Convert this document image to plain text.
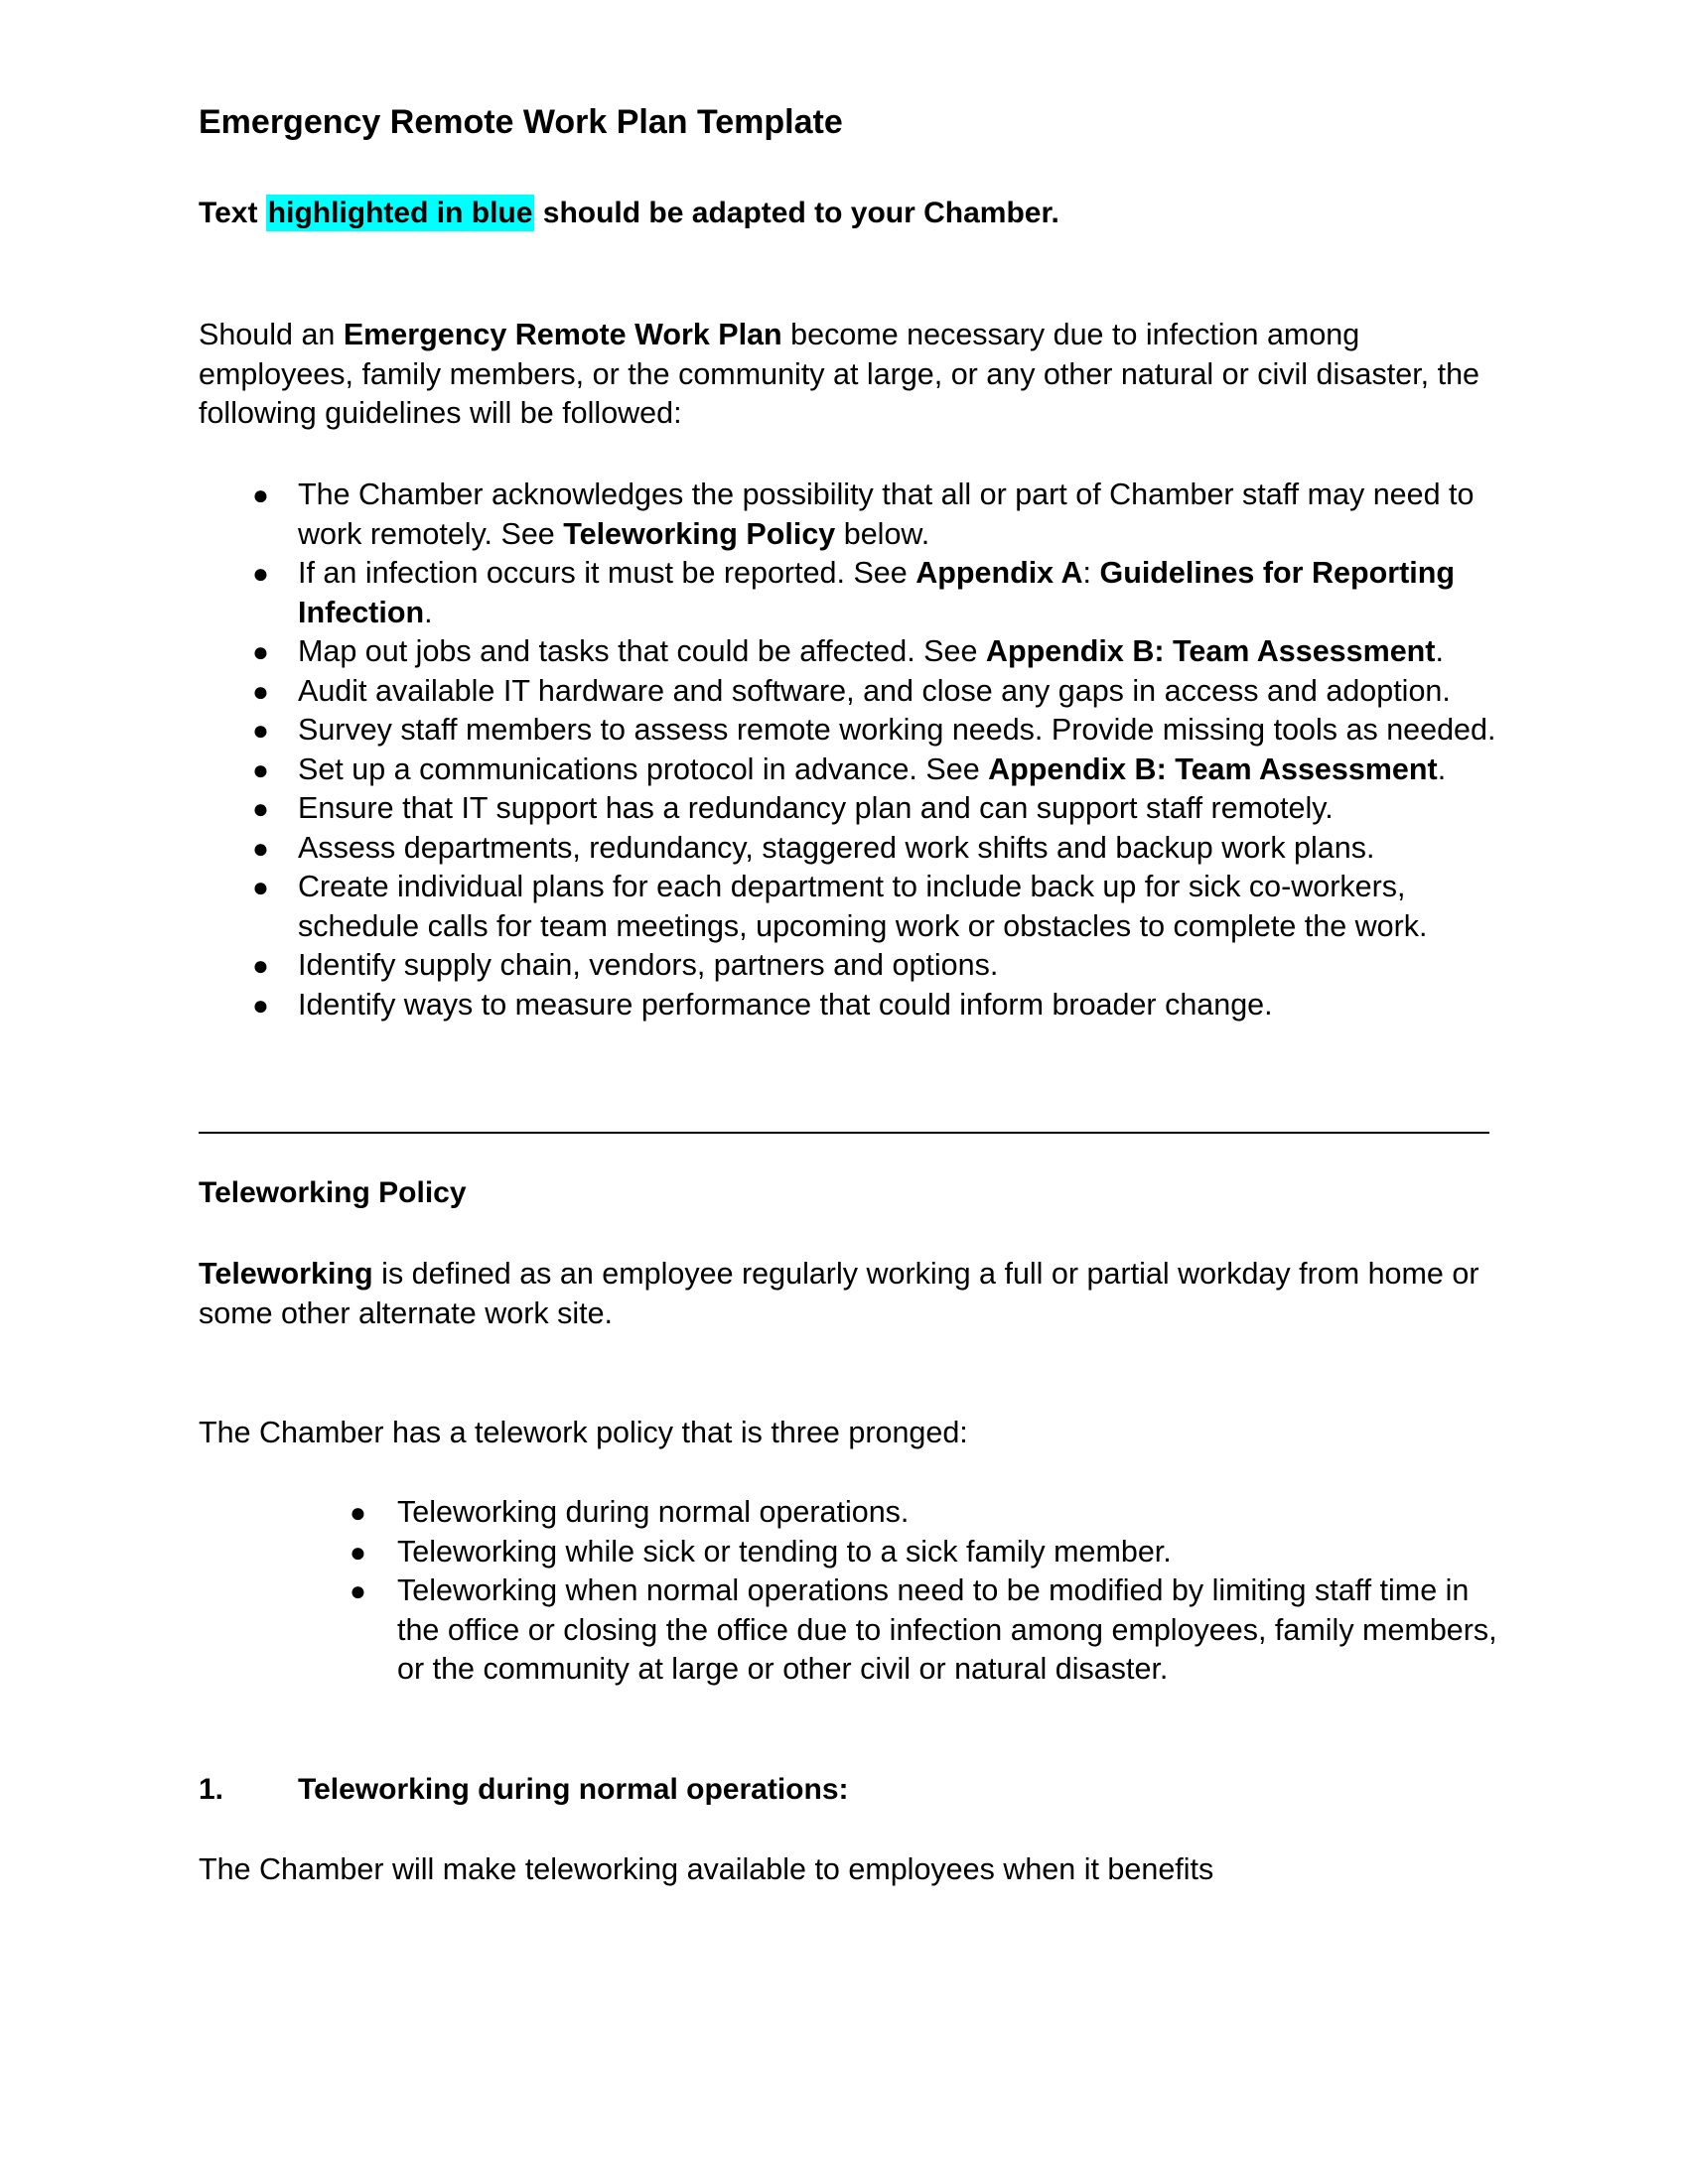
Emergency Remote Work Plan Template

Text highlighted in blue should be adapted to your Chamber.

Should an Emergency Remote Work Plan become necessary due to infection among employees, family members, or the community at large, or any other natural or civil disaster, the following guidelines will be followed:

● The Chamber acknowledges the possibility that all or part of Chamber staff may need to work remotely. See Teleworking Policy below.
● If an infection occurs it must be reported. See Appendix A: Guidelines for Reporting Infection.
● Map out jobs and tasks that could be affected. See Appendix B: Team Assessment.
● Audit available IT hardware and software, and close any gaps in access and adoption.
● Survey staff members to assess remote working needs. Provide missing tools as needed.
● Set up a communications protocol in advance. See Appendix B: Team Assessment.
● Ensure that IT support has a redundancy plan and can support staff remotely.
● Assess departments, redundancy, staggered work shifts and backup work plans.
● Create individual plans for each department to include back up for sick co-workers, schedule calls for team meetings, upcoming work or obstacles to complete the work.
● Identify supply chain, vendors, partners and options.
● Identify ways to measure performance that could inform broader change.
Teleworking Policy

Teleworking is defined as an employee regularly working a full or partial workday from home or some other alternate work site.

The Chamber has a telework policy that is three pronged:

● Teleworking during normal operations.
● Teleworking while sick or tending to a sick family member.
● Teleworking when normal operations need to be modified by limiting staff time in the office or closing the office due to infection among employees, family members, or the community at large or other civil or natural disaster.
1. Teleworking during normal operations:

The Chamber will make teleworking available to employees when it benefits
